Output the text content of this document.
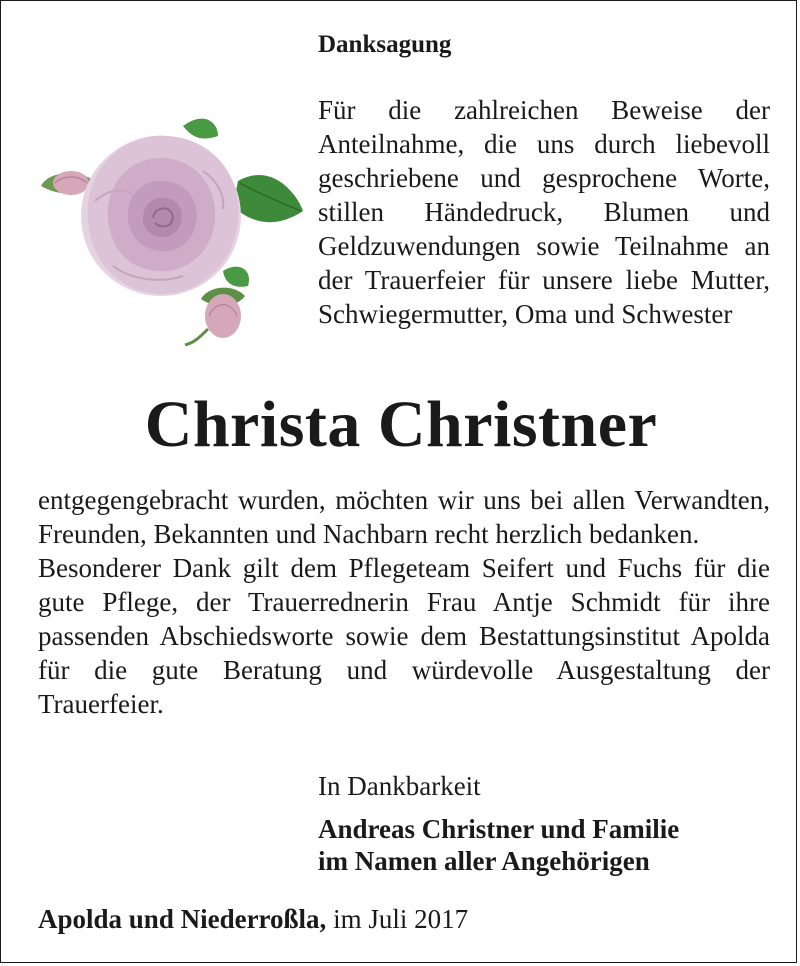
Danksagung

Für die zahlreichen Beweise der Anteilnahme, die uns durch liebevoll geschriebene und gesprochene Worte, stillen Händedruck, Blumen und Geldzuwendungen sowie Teilnahme an der Trauerfeier für unsere liebe Mutter, Schwiegermutter, Oma und Schwester

Christa Christner

entgegengebracht wurden, möchten wir uns bei allen Verwandten, Freunden, Bekannten und Nachbarn recht herzlich bedanken.

Besonderer Dank gilt dem Pflegeteam Seifert und Fuchs für die gute Pflege, der Trauerrednerin Frau Antje Schmidt für ihre passenden Abschiedsworte sowie dem Bestattungsinstitut Apolda für die gute Beratung und würdevolle Ausgestaltung der Trauerfeier.

In Dankbarkeit

Andreas Christner und Familie
im Namen aller Angehörigen

Apolda und Niederroßla, im Juli 2017
